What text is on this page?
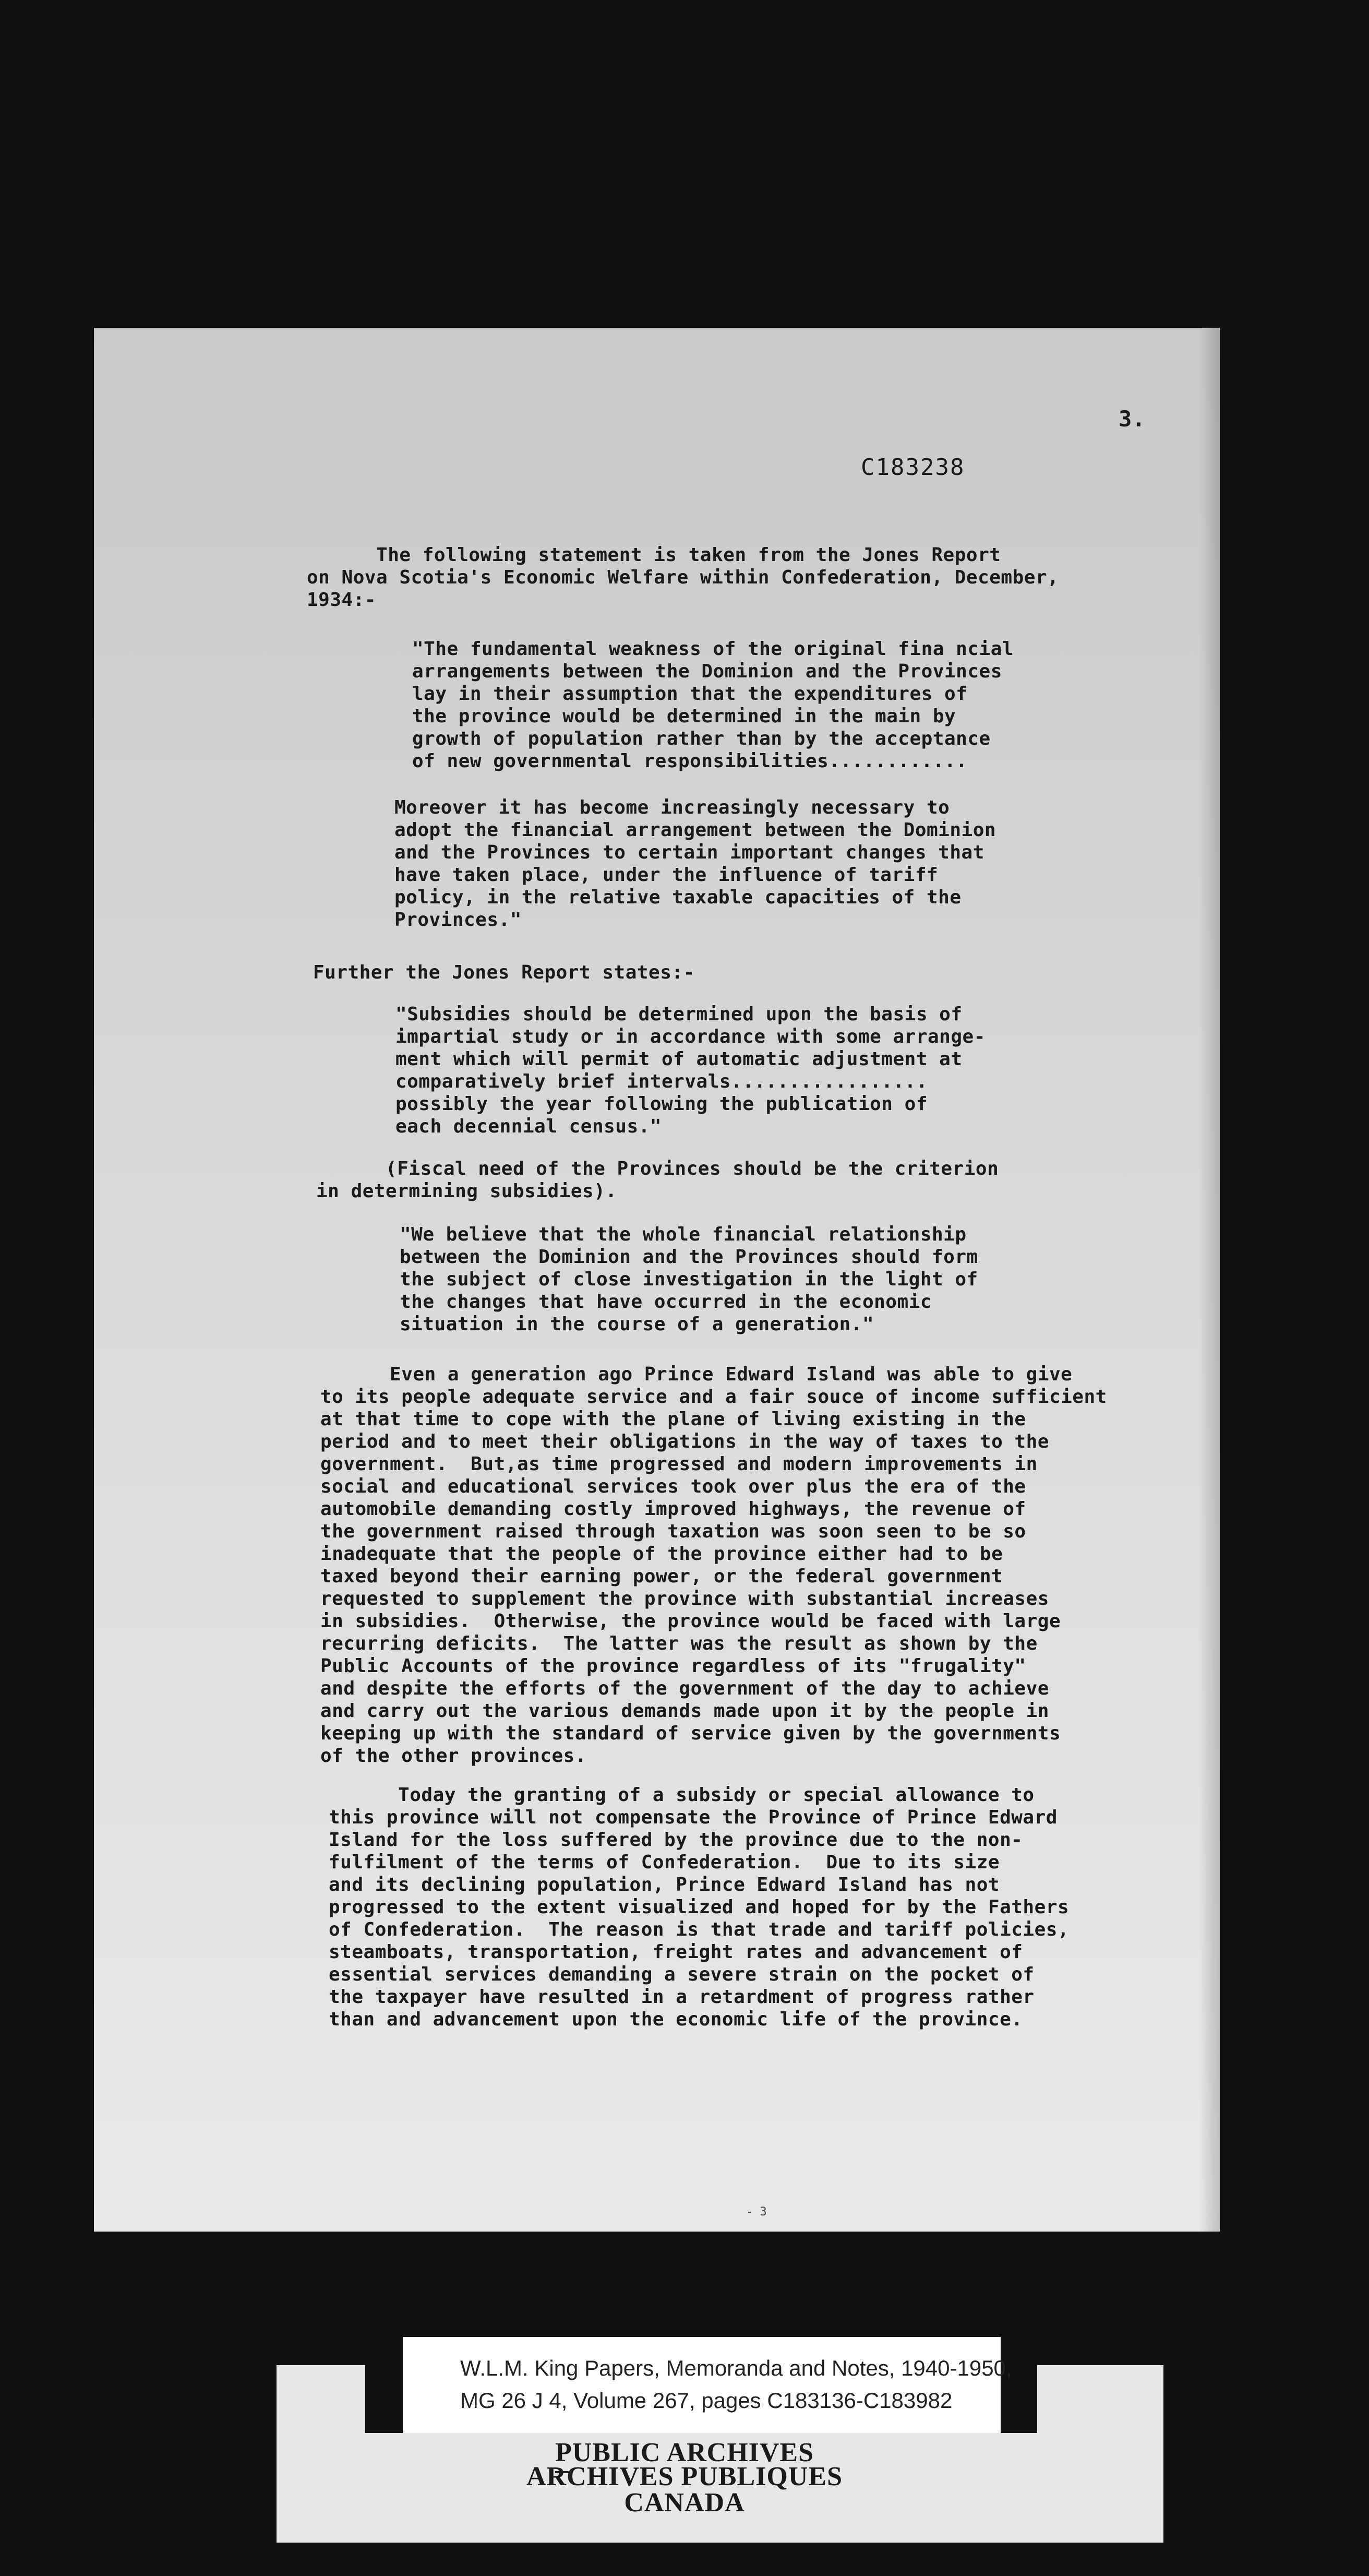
3.
C183238
The following statement is taken from the Jones Report
on Nova Scotia's Economic Welfare within Confederation, December,
1934:-
"The fundamental weakness of the original fina ncial
arrangements between the Dominion and the Provinces
lay in their assumption that the expenditures of
the province would be determined in the main by
growth of population rather than by the acceptance
of new governmental responsibilities............
Moreover it has become increasingly necessary to
adopt the financial arrangement between the Dominion
and the Provinces to certain important changes that
have taken place, under the influence of tariff
policy, in the relative taxable capacities of the
Provinces."
Further the Jones Report states:-
"Subsidies should be determined upon the basis of
impartial study or in accordance with some arrange-
ment which will permit of automatic adjustment at
comparatively brief intervals.................
possibly the year following the publication of
each decennial census."
(Fiscal need of the Provinces should be the criterion
in determining subsidies).
"We believe that the whole financial relationship
between the Dominion and the Provinces should form
the subject of close investigation in the light of
the changes that have occurred in the economic
situation in the course of a generation."
Even a generation ago Prince Edward Island was able to give
to its people adequate service and a fair souce of income sufficient
at that time to cope with the plane of living existing in the
period and to meet their obligations in the way of taxes to the
government.  But,as time progressed and modern improvements in
social and educational services took over plus the era of the
automobile demanding costly improved highways, the revenue of
the government raised through taxation was soon seen to be so
inadequate that the people of the province either had to be
taxed beyond their earning power, or the federal government
requested to supplement the province with substantial increases
in subsidies.  Otherwise, the province would be faced with large
recurring deficits.  The latter was the result as shown by the
Public Accounts of the province regardless of its "frugality"
and despite the efforts of the government of the day to achieve
and carry out the various demands made upon it by the people in
keeping up with the standard of service given by the governments
of the other provinces.
Today the granting of a subsidy or special allowance to
this province will not compensate the Province of Prince Edward
Island for the loss suffered by the province due to the non-
fulfilment of the terms of Confederation.  Due to its size
and its declining population, Prince Edward Island has not
progressed to the extent visualized and hoped for by the Fathers
of Confederation.  The reason is that trade and tariff policies,
steamboats, transportation, freight rates and advancement of
essential services demanding a severe strain on the pocket of
the taxpayer have resulted in a retardment of progress rather
than and advancement upon the economic life of the province.
- 3
W.L.M. King Papers, Memoranda and Notes, 1940-1950,
MG 26 J 4, Volume 267, pages C183136-C183982
PUBLIC ARCHIVES
ARCHIVES PUBLIQUES
CANADA
